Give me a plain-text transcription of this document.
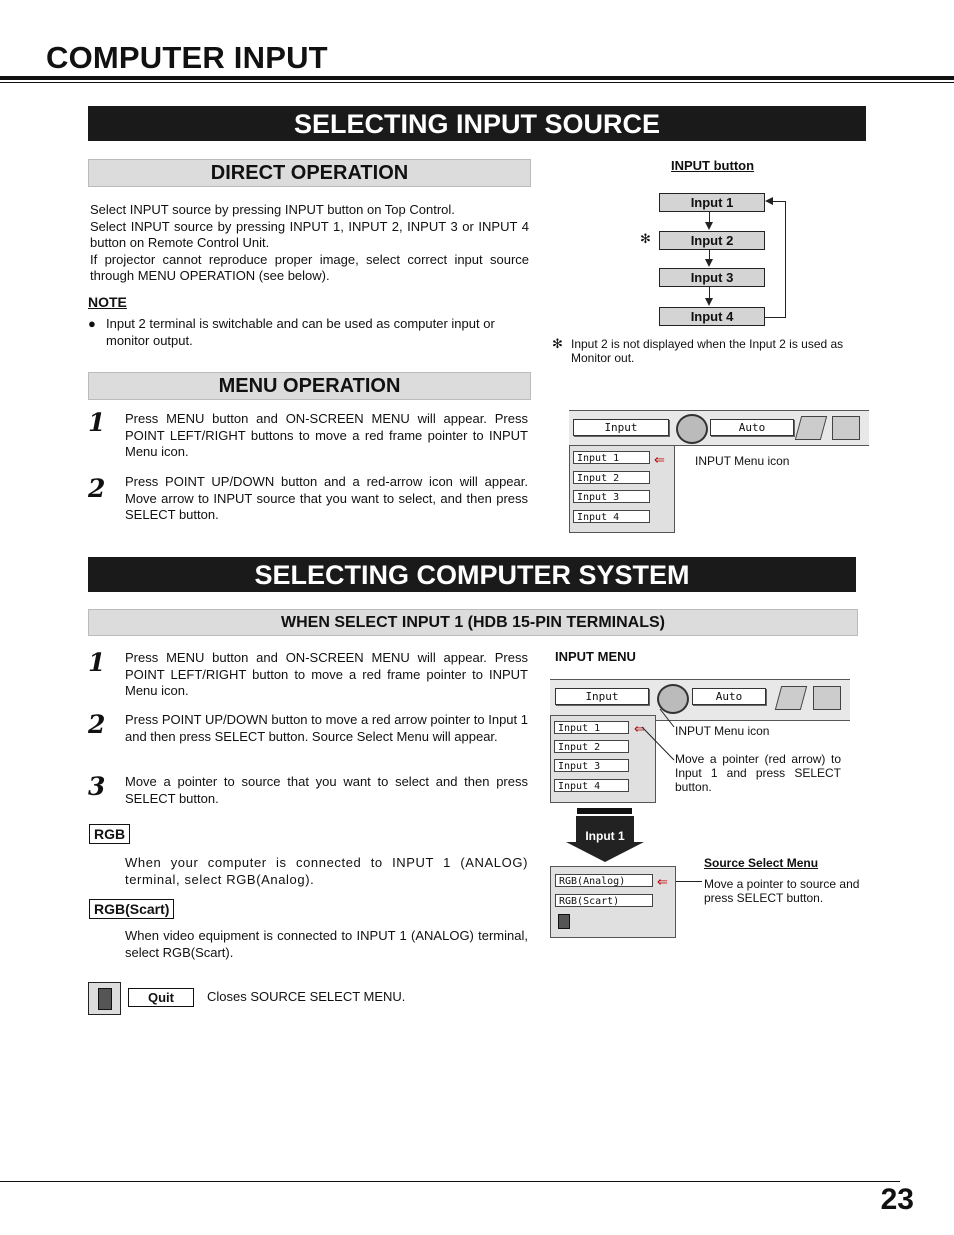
COMPUTER INPUT
SELECTING INPUT SOURCE
DIRECT OPERATION
Select INPUT source by pressing INPUT button on Top Control.
Select INPUT source by pressing INPUT 1, INPUT 2, INPUT 3 or INPUT 4 button on Remote Control Unit.
If projector cannot reproduce proper image, select correct input source through MENU OPERATION (see below).
NOTE
● Input 2 terminal is switchable and can be used as computer input or monitor output.
INPUT button
Input 1
Input 2
Input 3
Input 4
✻
✻ Input 2 is not displayed when the Input 2 is used as Monitor out.
MENU OPERATION
1 Press MENU button and ON-SCREEN MENU will appear. Press POINT LEFT/RIGHT buttons to move a red frame pointer to INPUT Menu icon.
2 Press POINT UP/DOWN button and a red-arrow icon will appear. Move arrow to INPUT source that you want to select, and then press SELECT button.
Input	Auto
Input 1
Input 2
Input 3
Input 4
⇐	INPUT Menu icon
SELECTING COMPUTER SYSTEM
WHEN SELECT INPUT 1 (HDB 15-PIN TERMINALS)
1 Press MENU button and ON-SCREEN MENU will appear. Press POINT LEFT/RIGHT button to move a red frame pointer to INPUT Menu icon.
2 Press POINT UP/DOWN button to move a red arrow pointer to Input 1 and then press SELECT button. Source Select Menu will appear.
3 Move a pointer to source that you want to select and then press SELECT button.
RGB
When your computer is connected to INPUT 1 (ANALOG) terminal, select RGB(Analog).
RGB(Scart)
When video equipment is connected to INPUT 1 (ANALOG) terminal, select RGB(Scart).
Quit	Closes SOURCE SELECT MENU.
INPUT MENU
Input	Auto
Input 1
Input 2
Input 3
Input 4
⇐	INPUT Menu icon
Move a pointer (red arrow) to Input 1 and press SELECT button.
Input 1
Source Select Menu
Move a pointer to source and press SELECT button.
RGB(Analog)
RGB(Scart)
⇐
23
